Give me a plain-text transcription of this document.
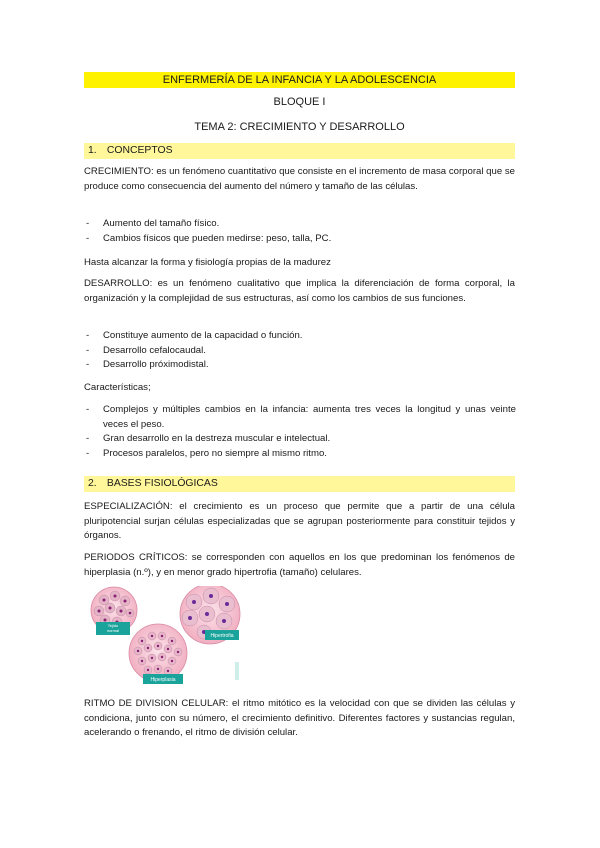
ENFERMERÍA DE LA INFANCIA Y LA ADOLESCENCIA
BLOQUE I
TEMA 2: CRECIMIENTO Y DESARROLLO
1. CONCEPTOS
CRECIMIENTO: es un fenómeno cuantitativo que consiste en el incremento de masa corporal que se produce como consecuencia del aumento del número y tamaño de las células.
- Aumento del tamaño físico.
- Cambios físicos que pueden medirse: peso, talla, PC.
Hasta alcanzar la forma y fisiología propias de la madurez
DESARROLLO: es un fenómeno cualitativo que implica la diferenciación de forma corporal, la organización y la complejidad de sus estructuras, así como los cambios de sus funciones.
- Constituye aumento de la capacidad o función.
- Desarrollo cefalocaudal.
- Desarrollo próximodistal.
Características;
- Complejos y múltiples cambios en la infancia: aumenta tres veces la longitud y unas veinte veces el peso.
- Gran desarrollo en la destreza muscular e intelectual.
- Procesos paralelos, pero no siempre al mismo ritmo.
2. BASES FISIOLÓGICAS
ESPECIALIZACIÓN: el crecimiento es un proceso que permite que a partir de una célula pluripotencial surjan células especializadas que se agrupan posteriormente para constituir tejidos y órganos.
PERIODOS CRÍTICOS: se corresponden con aquellos en los que predominan los fenómenos de hiperplasia (n.º), y en menor grado hipertrofia (tamaño) celulares.
Tejido normal
Hipertrofia
Hiperplasia
RITMO DE DIVISION CELULAR: el ritmo mitótico es la velocidad con que se dividen las células y condiciona, junto con su número, el crecimiento definitivo. Diferentes factores y sustancias regulan, acelerando o frenando, el ritmo de división celular.
